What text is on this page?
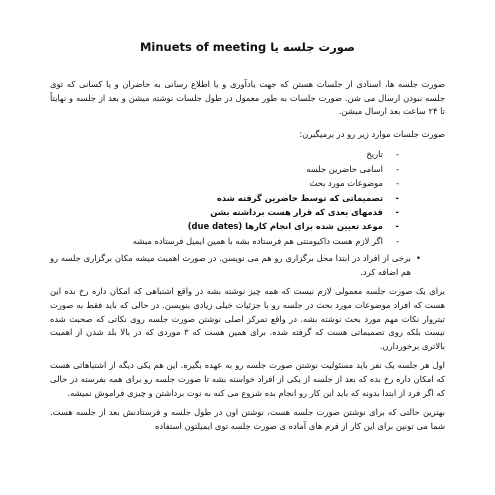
صورت جلسه یا Minuets of meeting

صورت جلسه ها، اسنادی از جلسات هستن که جهت یادآوری و یا اطلاع رسانی به حاضران و یا کسانی که توی جلسه نبودن ارسال می شن. صورت جلسات به طور معمول در طول جلسات نوشته میشن و بعد از جلسه و نهایتاً تا ۲۴ ساعت بعد ارسال میشن.

صورت جلسات موارد زیر رو در برمیگیرن:

- تاریخ
- اسامی حاضرین جلسه
- موضوعات مورد بحث
- تصمیماتی که توسط حاضرین گرفته شده
- قدمهای بعدی که قرار هست برداشته بشن
- موعد تعیین شده برای انجام کارها (due dates)
- اگر لازم هست داکیومنتی هم فرستاده بشه با همین ایمیل فرستاده میشه
•
برخی از افراد در ابتدا محل برگزاری رو هم می نویسن. در صورت اهمیت میشه مکان برگزاری جلسه رو هم اضافه کرد.

برای یک صورت جلسه معمولی لازم نیست که همه چیز نوشته بشه در واقع اشتباهی که امکان داره رخ بده این هست که افراد موضوعات مورد بحث در جلسه رو با جزئیات خیلی زیادی بنویسن. در حالی که باید فقط به صورت تیتروار نکات مهم مورد بحث نوشته بشه. در واقع تمرکز اصلی نوشتن صورت جلسه روی نکاتی که صحبت شده نیست بلکه روی تصمیماتی هست که گرفته شده. برای همین هست که ۳ موردی که در بالا بلد شدن از اهمیت بالاتری برخوردارن.

اول هر جلسه یک نفر باید مسئولیت نوشتن صورت جلسه رو به عهده بگیره. این هم یکی دیگه از اشتباهاتی هست که امکان داره رخ بده که بعد از جلسه از یکی از افراد خواسته بشه تا صورت جلسه رو برای همه بفرسته در حالی که اگر فرد از ابتدا بدونه که باید این کار رو انجام بده شروع می کنه به نوت برداشتن و چیزی فراموش نمیشه.

بهترین حالتی که برای نوشتن صورت جلسه هست، نوشتن اون در طول جلسه و فرستادنش بعد از جلسه هست. شما می تونین برای این کار از فرم های آماده ی صورت جلسه توی ایمیلتون استفاده
